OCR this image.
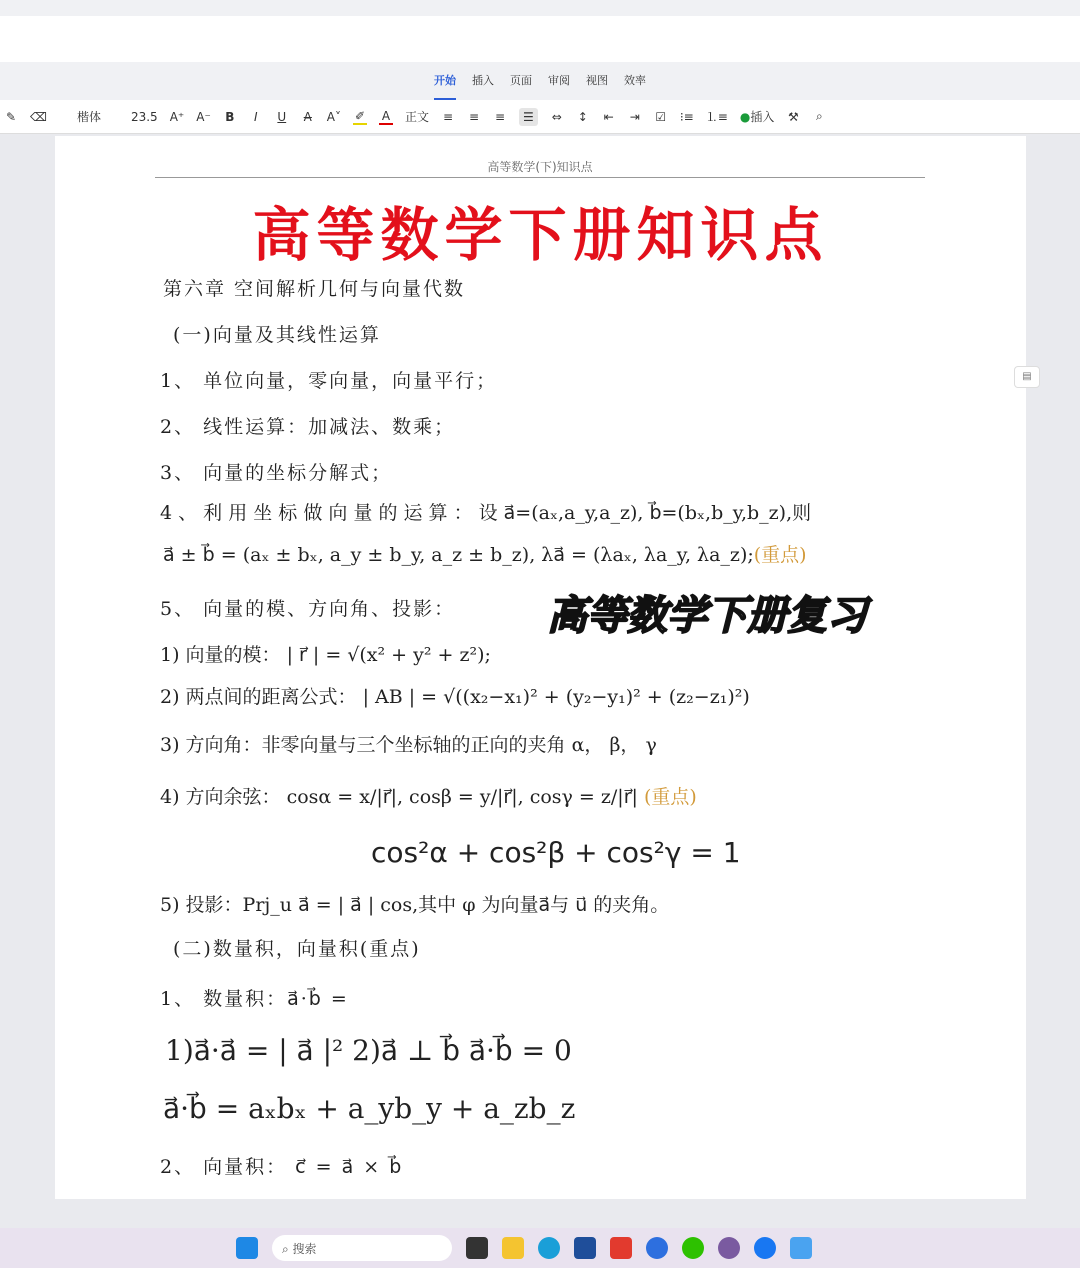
开始 插入 页面 审阅 视图 效率
✎ ⌫	楷体	23.5 A⁺ A⁻ B	I	U A A˅ ✐ A 正文 ≡ ≡ ≡	☰	⇔ ↕ ⇤ ⇥ ☑ ⁝≡ ⒈≡ ●插入 ⚒	⌕
高等数学(下)知识点
高等数学下册知识点
第六章 空间解析几何与向量代数
(一)向量及其线性运算
1、 单位向量，零向量，向量平行；
2、 线性运算：加减法、数乘；
3、 向量的坐标分解式；
4 、 利 用 坐 标 做 向 量 的 运 算 ： 设 a⃗=(aₓ,a_y,a_z), b⃗=(bₓ,b_y,b_z),则
a⃗ ± b⃗ = (aₓ ± bₓ, a_y ± b_y, a_z ± b_z), λa⃗ = (λaₓ, λa_y, λa_z);(重点)
5、 向量的模、方向角、投影：
1) 向量的模： | r⃗ | = √(x² + y² + z²);
2) 两点间的距离公式： | AB | = √((x₂−x₁)² + (y₂−y₁)² + (z₂−z₁)²)
3) 方向角：非零向量与三个坐标轴的正向的夹角 α， β， γ
4) 方向余弦： cosα = x/|r⃗|, cosβ = y/|r⃗|, cosγ = z/|r⃗| (重点)
cos²α + cos²β + cos²γ = 1
5) 投影：Prj_u a⃗ = | a⃗ | cos,其中 φ 为向量a⃗与 u⃗ 的夹角。
(二)数量积，向量积(重点)
1、 数量积：a⃗·b⃗ =
1)a⃗·a⃗ = | a⃗ |² 2)a⃗ ⊥ b⃗ a⃗·b⃗ = 0
a⃗·b⃗ = aₓbₓ + a_yb_y + a_zb_z
2、 向量积： c⃗ = a⃗ × b⃗
高等数学下册复习
▤
⌕ 搜索
